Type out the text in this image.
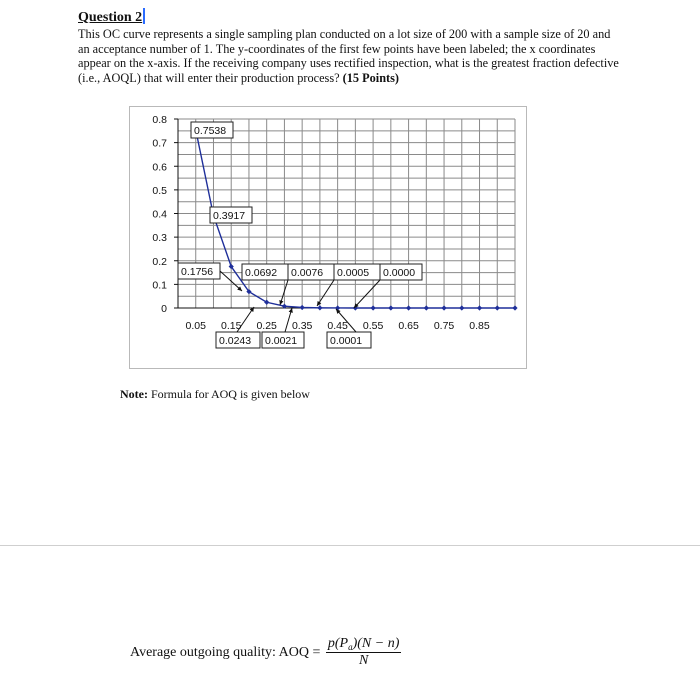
Question 2
This OC curve represents a single sampling plan conducted on a lot size of 200 with a sample size of 20 and an acceptance number of 1. The y-coordinates of the first few points have been labeled; the x coordinates appear on the x-axis. If the receiving company uses rectified inspection, what is the greatest fraction defective (i.e., AOQL) that will enter their production process? (15 Points)
0
0.1
0.2
0.3
0.4
0.5
0.6
0.7
0.8
0.05 0.15 0.25 0.35 0.45 0.55 0.65 0.75 0.85
0.7538
0.3917
0.1756	0.0692 0.0076 0.0005 0.0000
0.0243 0.0021	0.0001
Note: Formula for AOQ is given below
Average outgoing quality: AOQ = $\frac{p(P_a)(N - n)}{N}$
